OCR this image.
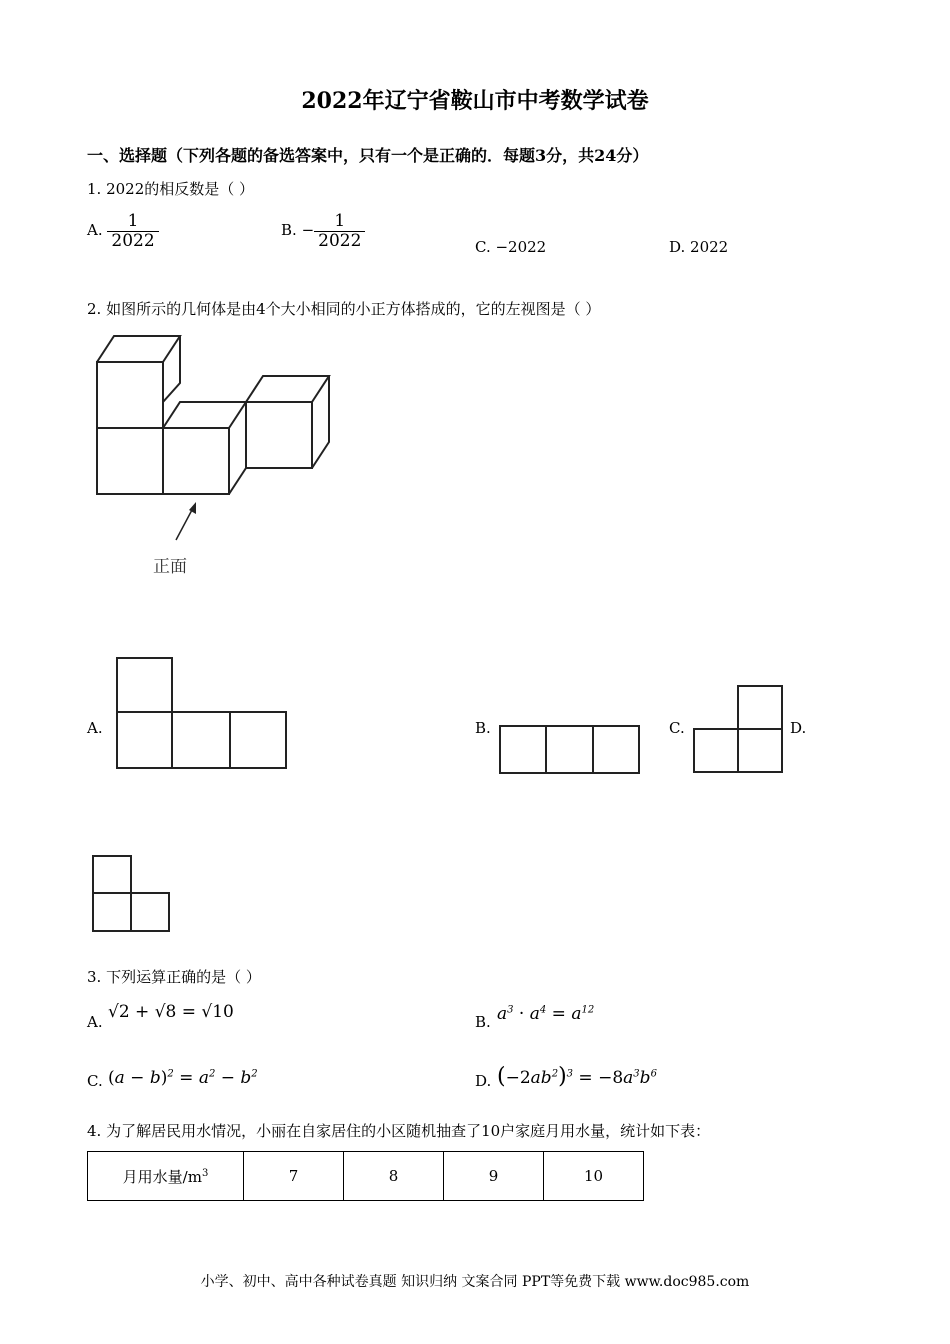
2022年辽宁省鞍山市中考数学试卷
一、选择题（下列各题的备选答案中，只有一个是正确的．每题3分，共24分）
1. 2022的相反数是（ ）
A. $\frac{1}{2022}$	B. − $\frac{1}{2022}$	C. −2022	D. 2022
2. 如图所示的几何体是由4个大小相同的小正方体搭成的，它的左视图是（ ）
正面
A.	B.	C.	D.
3. 下列运算正确的是（ ）
A. √2 + √8 = √10	B. $a^3 \cdot a^4 = a^{12}$
C. $(a - b)^2 = a^2 - b^2$	D. $(-2ab^2)^3 = -8a^3b^6$
4. 为了解居民用水情况，小丽在自家居住的小区随机抽查了10户家庭月用水量，统计如下表：
月用水量$/m^3$	7	8	9	10
小学、初中、高中各种试卷真题 知识归纳 文案合同 PPT等免费下载 www.doc985.com
